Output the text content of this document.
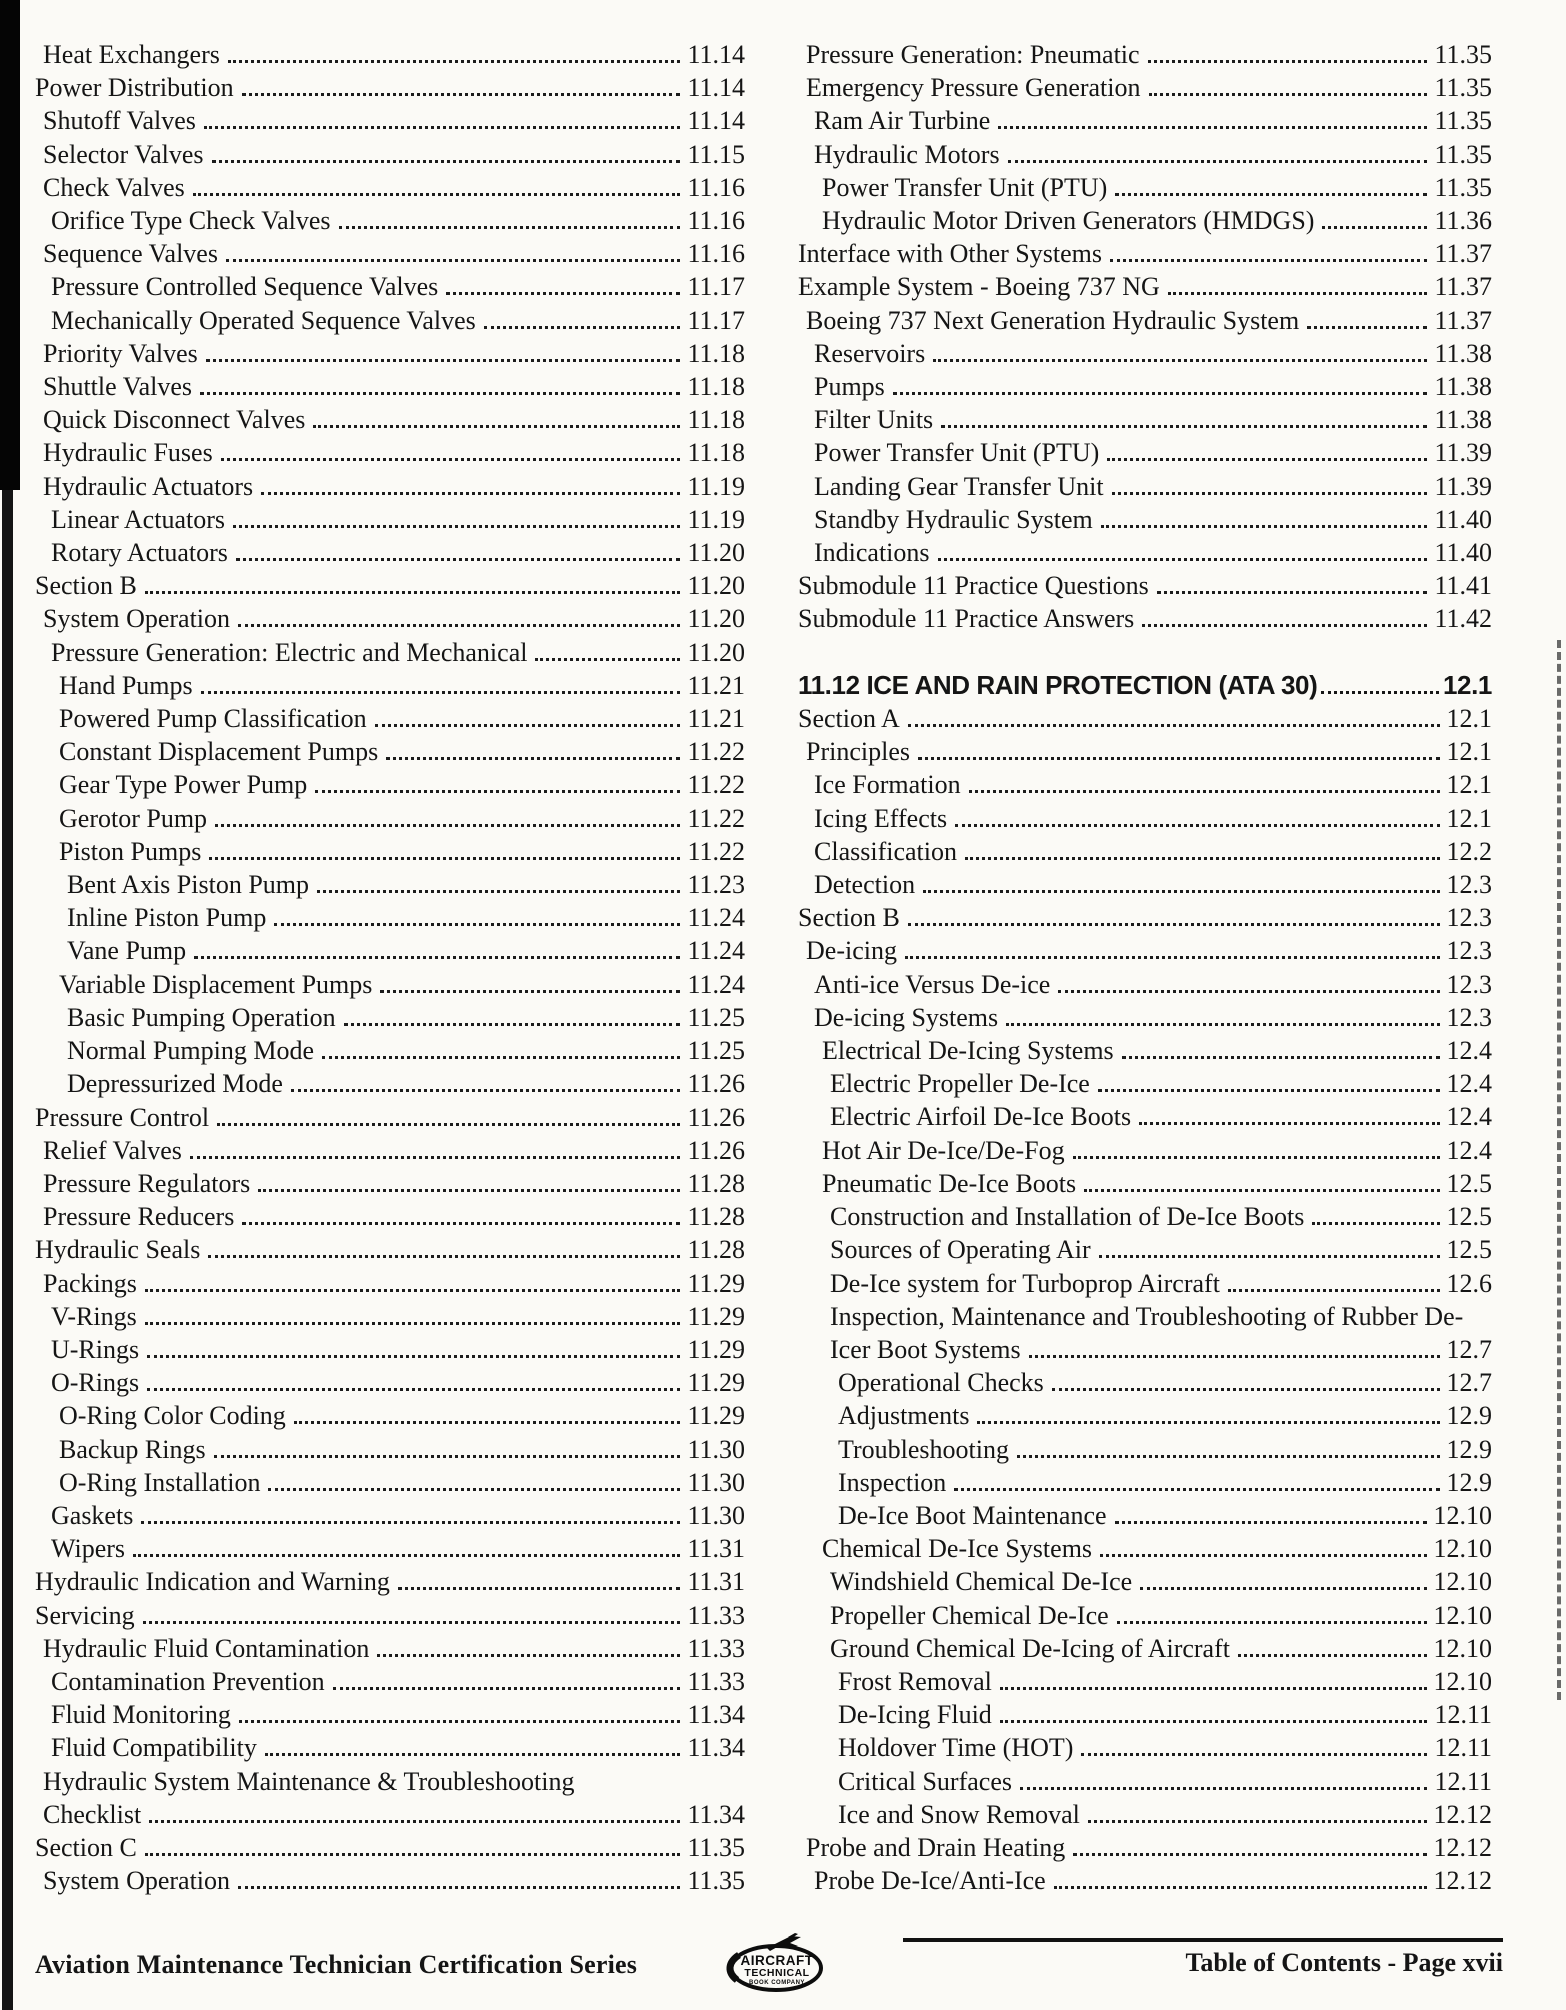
Heat Exchangers	11.14
Power Distribution	11.14
Shutoff Valves	11.14
Selector Valves	11.15
Check Valves	11.16
Orifice Type Check Valves	11.16
Sequence Valves	11.16
Pressure Controlled Sequence Valves	11.17
Mechanically Operated Sequence Valves	11.17
Priority Valves	11.18
Shuttle Valves	11.18
Quick Disconnect Valves	11.18
Hydraulic Fuses	11.18
Hydraulic Actuators	11.19
Linear Actuators	11.19
Rotary Actuators	11.20
Section B	11.20
System Operation	11.20
Pressure Generation: Electric and Mechanical	11.20
Hand Pumps	11.21
Powered Pump Classification	11.21
Constant Displacement Pumps	11.22
Gear Type Power Pump	11.22
Gerotor Pump	11.22
Piston Pumps	11.22
Bent Axis Piston Pump	11.23
Inline Piston Pump	11.24
Vane Pump	11.24
Variable Displacement Pumps	11.24
Basic Pumping Operation	11.25
Normal Pumping Mode	11.25
Depressurized Mode	11.26
Pressure Control	11.26
Relief Valves	11.26
Pressure Regulators	11.28
Pressure Reducers	11.28
Hydraulic Seals	11.28
Packings	11.29
V-Rings	11.29
U-Rings	11.29
O-Rings	11.29
O-Ring Color Coding	11.29
Backup Rings	11.30
O-Ring Installation	11.30
Gaskets	11.30
Wipers	11.31
Hydraulic Indication and Warning	11.31
Servicing	11.33
Hydraulic Fluid Contamination	11.33
Contamination Prevention	11.33
Fluid Monitoring	11.34
Fluid Compatibility	11.34
Hydraulic System Maintenance & Troubleshooting
Checklist	11.34
Section C	11.35
System Operation	11.35
Pressure Generation: Pneumatic	11.35
Emergency Pressure Generation	11.35
Ram Air Turbine	11.35
Hydraulic Motors	11.35
Power Transfer Unit (PTU)	11.35
Hydraulic Motor Driven Generators (HMDGS)	11.36
Interface with Other Systems	11.37
Example System - Boeing 737 NG	11.37
Boeing 737 Next Generation Hydraulic System	11.37
Reservoirs	11.38
Pumps	11.38
Filter Units	11.38
Power Transfer Unit (PTU)	11.39
Landing Gear Transfer Unit	11.39
Standby Hydraulic System	11.40
Indications	11.40
Submodule 11 Practice Questions	11.41
Submodule 11 Practice Answers	11.42
11.12 ICE AND RAIN PROTECTION (ATA 30)	12.1
Section A	12.1
Principles	12.1
Ice Formation	12.1
Icing Effects	12.1
Classification	12.2
Detection	12.3
Section B	12.3
De-icing	12.3
Anti-ice Versus De-ice	12.3
De-icing Systems	12.3
Electrical De-Icing Systems	12.4
Electric Propeller De-Ice	12.4
Electric Airfoil De-Ice Boots	12.4
Hot Air De-Ice/De-Fog	12.4
Pneumatic De-Ice Boots	12.5
Construction and Installation of De-Ice Boots	12.5
Sources of Operating Air	12.5
De-Ice system for Turboprop Aircraft	12.6
Inspection, Maintenance and Troubleshooting of Rubber De-
Icer Boot Systems	12.7
Operational Checks	12.7
Adjustments	12.9
Troubleshooting	12.9
Inspection	12.9
De-Ice Boot Maintenance	12.10
Chemical De-Ice Systems	12.10
Windshield Chemical De-Ice	12.10
Propeller Chemical De-Ice	12.10
Ground Chemical De-Icing of Aircraft	12.10
Frost Removal	12.10
De-Icing Fluid	12.11
Holdover Time (HOT)	12.11
Critical Surfaces	12.11
Ice and Snow Removal	12.12
Probe and Drain Heating	12.12
Probe De-Ice/Anti-Ice	12.12
Aviation Maintenance Technician Certification Series	AIRCRAFT
TECHNICAL
BOOK COMPANY
Table of Contents - Page xvii
